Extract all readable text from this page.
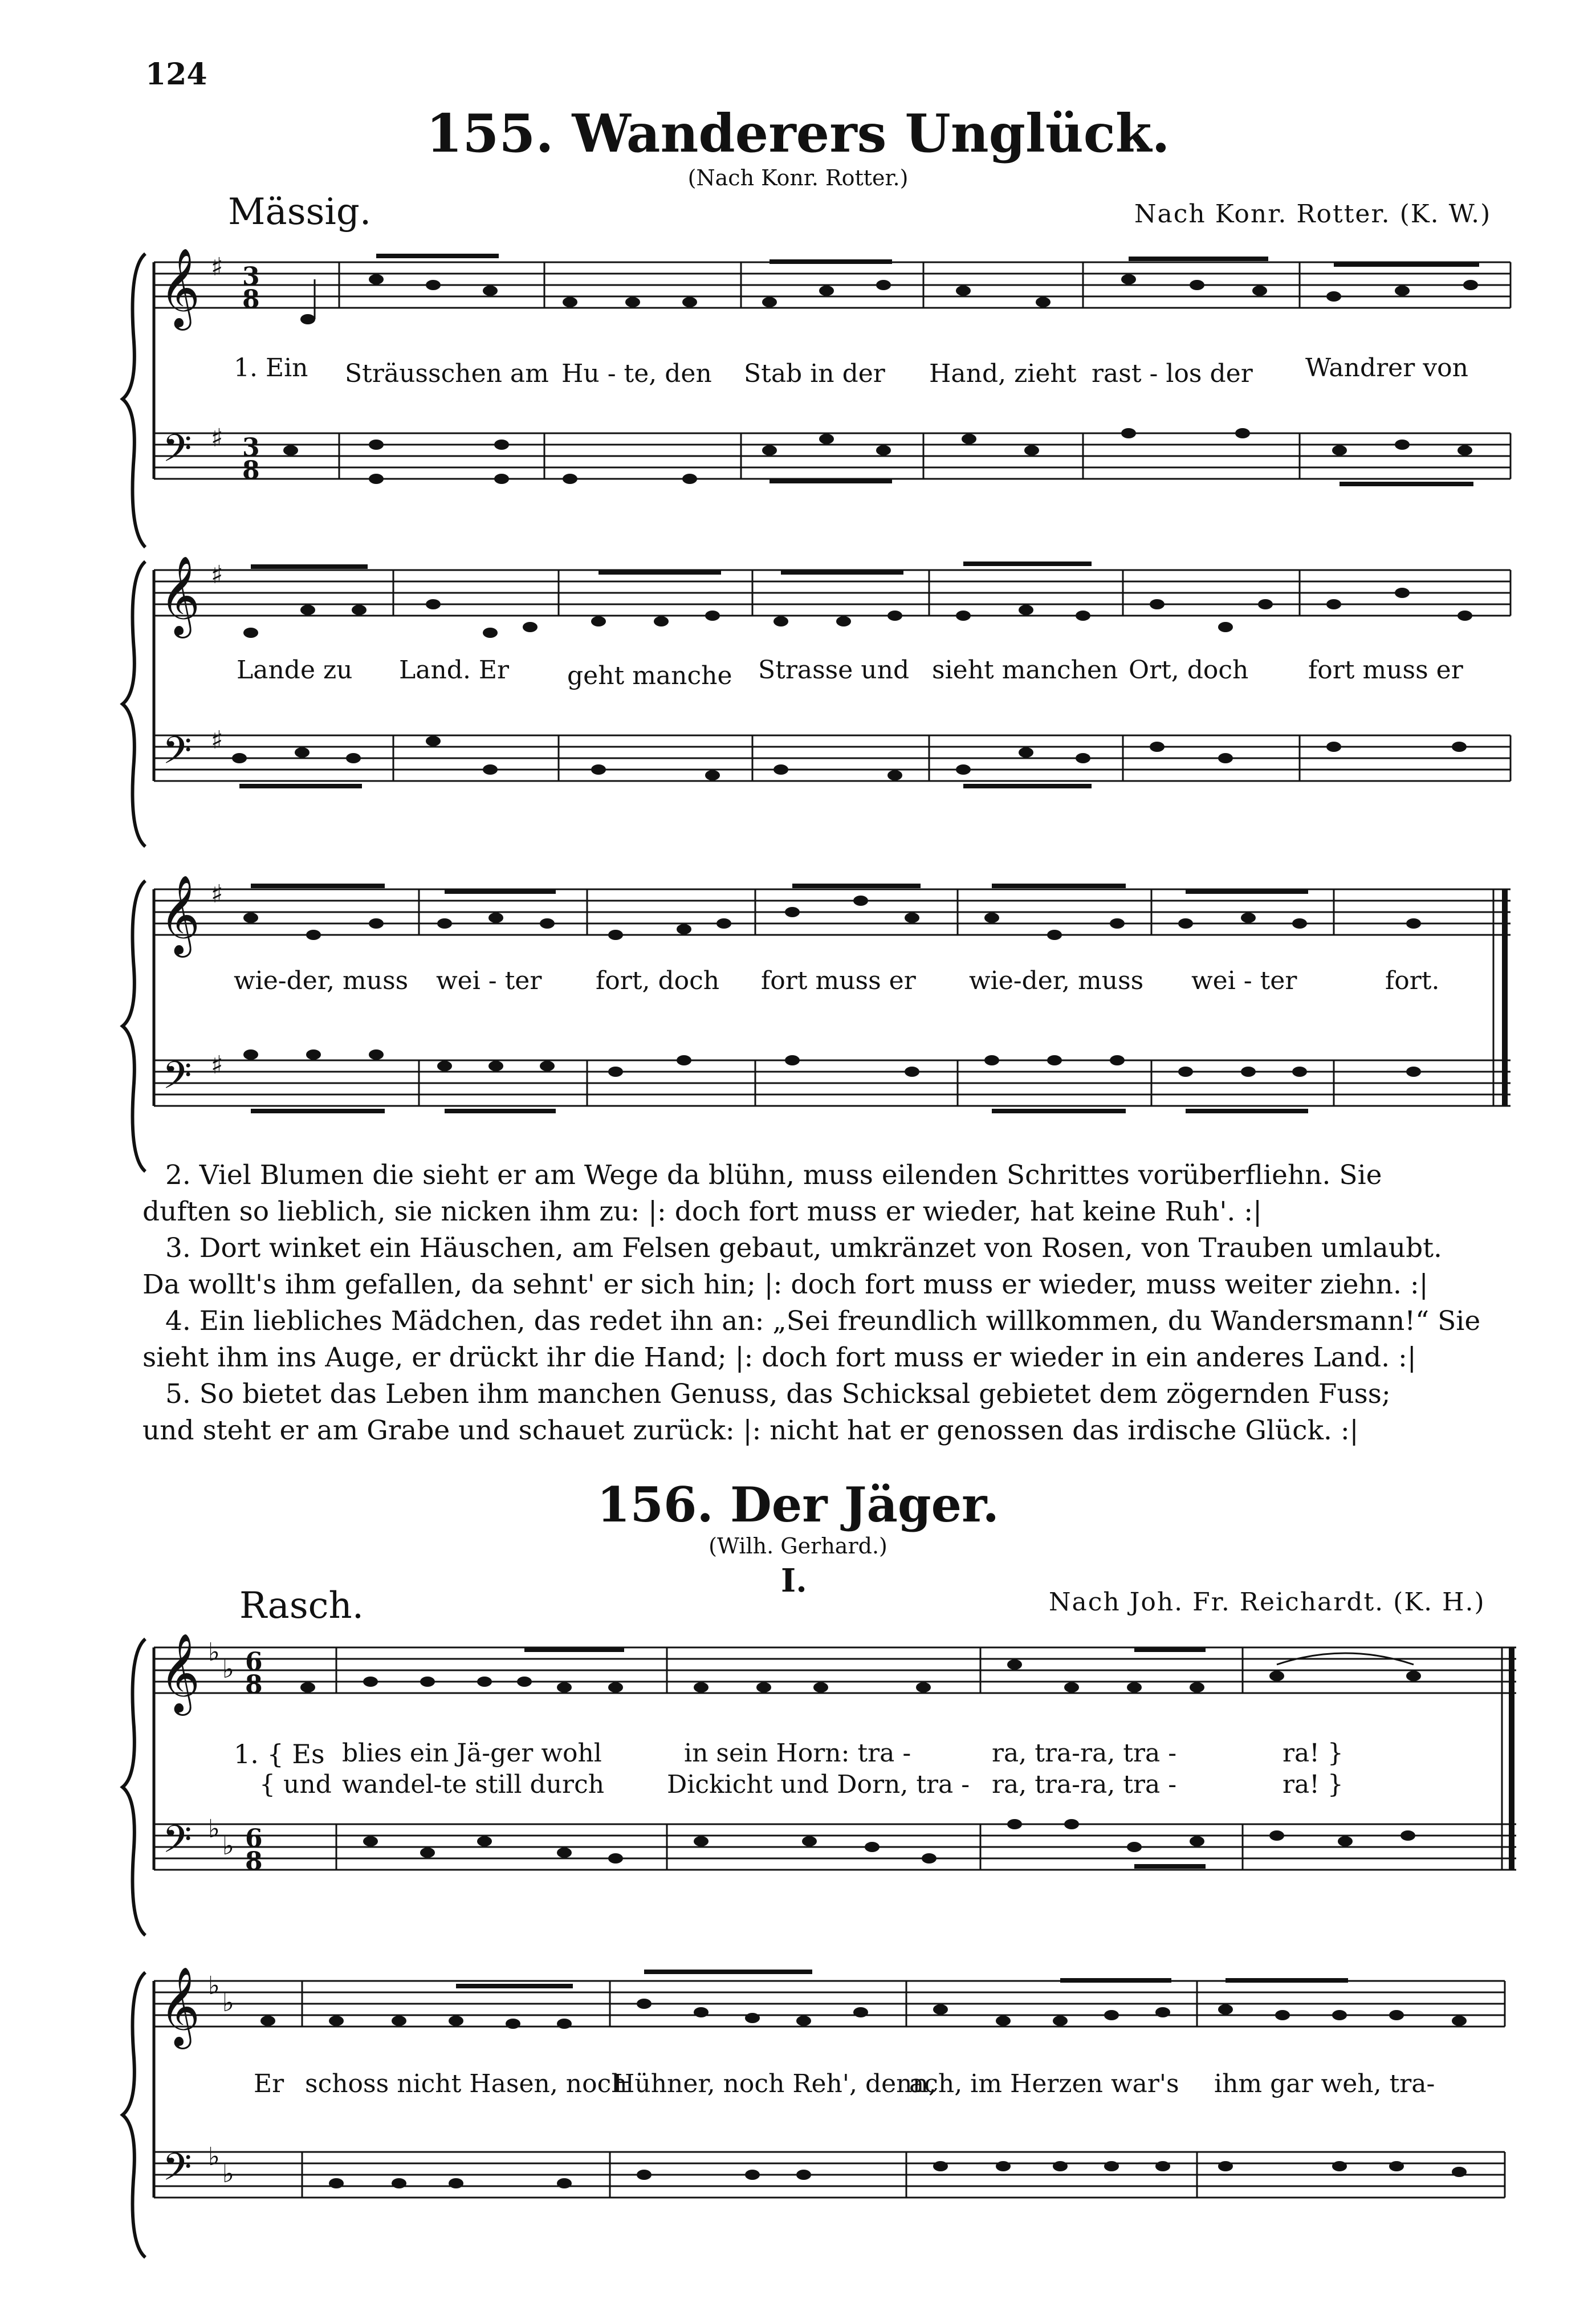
124
155. Wanderers Unglück.
(Nach Konr. Rotter.)
Mässig.	Nach Konr. Rotter. (K. W.)
𝄞
𝄢
♯
♯
3
8
3
8
1. Ein Sträusschen am Hu - te, den Stab in der Hand, zieht rast - los der Wandrer von
𝄞
𝄢
♯
♯
Lande zu Land. Er geht manche Strasse und sieht manchen Ort, doch fort muss er
𝄞
𝄢
♯
♯
wie-der, muss wei - ter fort, doch fort muss er wie-der, muss wei - ter	fort.
2. Viel Blumen die sieht er am Wege da blühn, muss eilenden Schrittes vorüberfliehn. Sie
duften so lieblich, sie nicken ihm zu: |: doch fort muss er wieder, hat keine Ruh'. :|
3. Dort winket ein Häuschen, am Felsen gebaut, umkränzet von Rosen, von Trauben umlaubt.
Da wollt's ihm gefallen, da sehnt' er sich hin; |: doch fort muss er wieder, muss weiter ziehn. :|
4. Ein liebliches Mädchen, das redet ihn an: „Sei freundlich willkommen, du Wandersmann!“ Sie
sieht ihm ins Auge, er drückt ihr die Hand; |: doch fort muss er wieder in ein anderes Land. :|
5. So bietet das Leben ihm manchen Genuss, das Schicksal gebietet dem zögernden Fuss;
und steht er am Grabe und schauet zurück: |: nicht hat er genossen das irdische Glück. :|
156. Der Jäger.
(Wilh. Gerhard.)
I.
Rasch.	Nach Joh. Fr. Reichardt. (K. H.)
𝄞
𝄢
♭
♭
♭
♭
6
8
6
8
1. { Es blies ein Jä-ger wohl	in sein Horn: tra -	ra, tra-ra, tra -	ra! }
{ und wandel-te still durch Dickicht und Dorn, tra - ra, tra-ra, tra -	ra! }
𝄞
𝄢
♭
♭
♭
♭
Er schoss nicht Hasen, noch
Hühner, noch Reh', denn,
ach, im Herzen war's ihm gar weh, tra-
